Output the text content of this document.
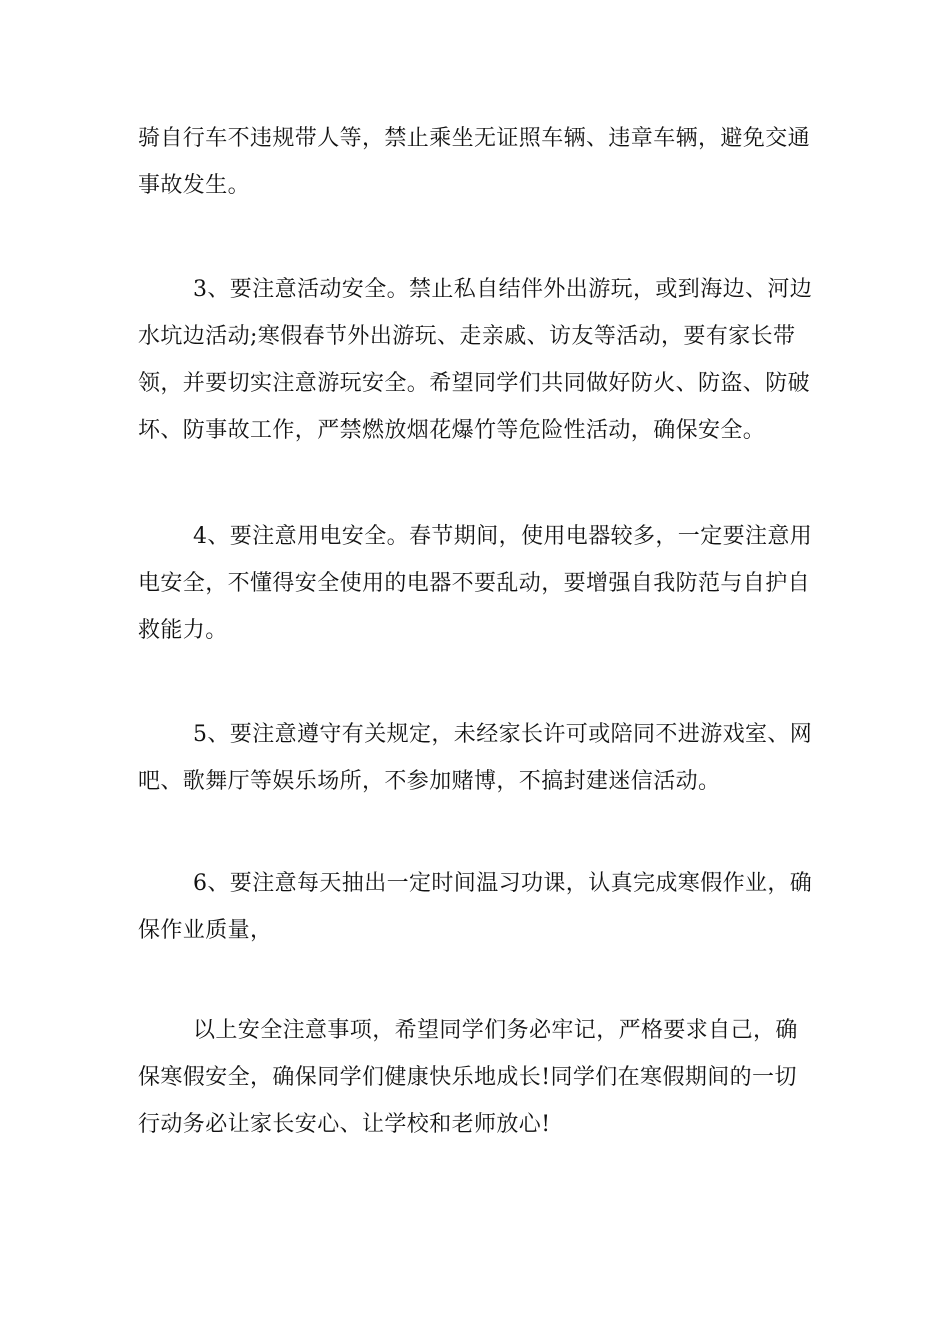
骑自行车不违规带人等，禁止乘坐无证照车辆、违章车辆，避免交通
事故发生。

3、要注意活动安全。禁止私自结伴外出游玩，或到海边、河边
水坑边活动;寒假春节外出游玩、走亲戚、访友等活动，要有家长带
领，并要切实注意游玩安全。希望同学们共同做好防火、防盗、防破
坏、防事故工作，严禁燃放烟花爆竹等危险性活动，确保安全。

4、要注意用电安全。春节期间，使用电器较多，一定要注意用
电安全，不懂得安全使用的电器不要乱动，要增强自我防范与自护自
救能力。

5、要注意遵守有关规定，未经家长许可或陪同不进游戏室、网
吧、歌舞厅等娱乐场所，不参加赌博，不搞封建迷信活动。

6、要注意每天抽出一定时间温习功课，认真完成寒假作业，确
保作业质量，

以上安全注意事项，希望同学们务必牢记，严格要求自己，确
保寒假安全，确保同学们健康快乐地成长!同学们在寒假期间的一切
行动务必让家长安心、让学校和老师放心!
